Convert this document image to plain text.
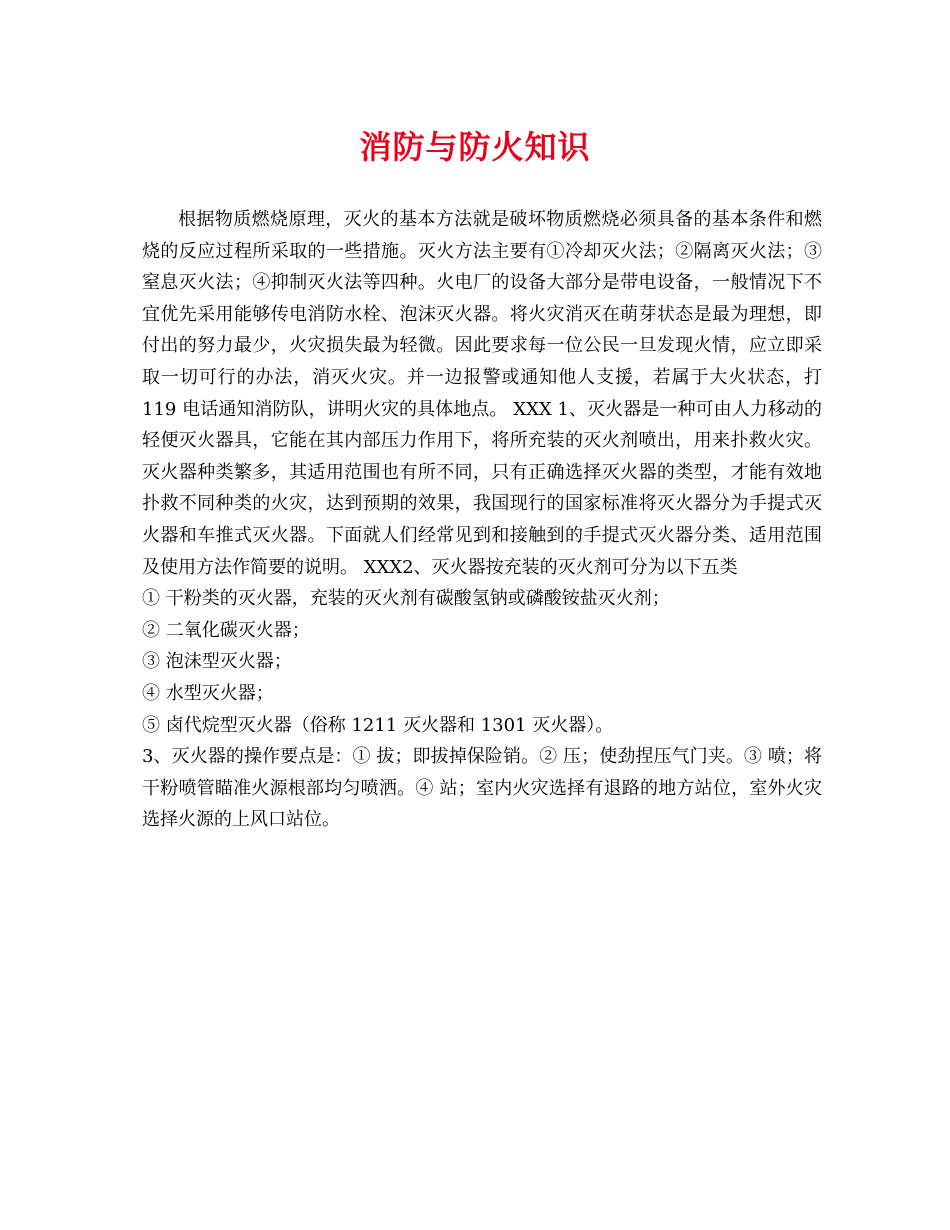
消防与防火知识

根据物质燃烧原理，灭火的基本方法就是破坏物质燃烧必须具备的基本条件和燃烧的反应过程所采取的一些措施。灭火方法主要有①冷却灭火法；②隔离灭火法；③窒息灭火法；④抑制灭火法等四种。火电厂的设备大部分是带电设备，一般情况下不宜优先采用能够传电消防水栓、泡沫灭火器。将火灾消灭在萌芽状态是最为理想，即付出的努力最少，火灾损失最为轻微。因此要求每一位公民一旦发现火情，应立即采取一切可行的办法，消灭火灾。并一边报警或通知他人支援，若属于大火状态，打 119 电话通知消防队，讲明火灾的具体地点。 XXX 1、灭火器是一种可由人力移动的轻便灭火器具，它能在其内部压力作用下，将所充装的灭火剂喷出，用来扑救火灾。灭火器种类繁多，其适用范围也有所不同，只有正确选择灭火器的类型，才能有效地扑救不同种类的火灾，达到预期的效果，我国现行的国家标准将灭火器分为手提式灭火器和车推式灭火器。下面就人们经常见到和接触到的手提式灭火器分类、适用范围及使用方法作简要的说明。 XXX2、灭火器按充装的灭火剂可分为以下五类

① 干粉类的灭火器，充装的灭火剂有碳酸氢钠或磷酸铵盐灭火剂；

② 二氧化碳灭火器；

③ 泡沫型灭火器；

④ 水型灭火器；

⑤ 卤代烷型灭火器（俗称 1211 灭火器和 1301 灭火器）。

3、灭火器的操作要点是：① 拔；即拔掉保险销。② 压；使劲捏压气门夹。③ 喷；将干粉喷管瞄准火源根部均匀喷洒。④ 站；室内火灾选择有退路的地方站位，室外火灾选择火源的上风口站位。
